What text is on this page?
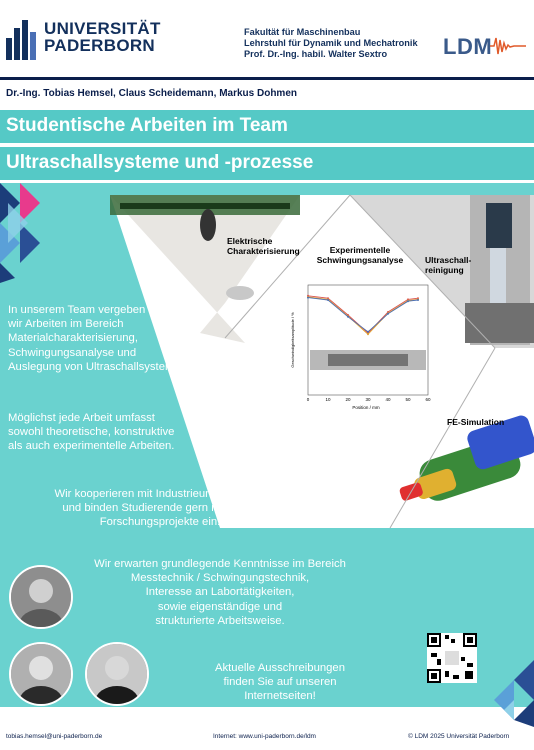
UNIVERSITÄT
PADERBORN
Fakultät für Maschinenbau
Lehrstuhl für Dynamik und Mechatronik
Prof. Dr.-Ing. habil. Walter Sextro	LDM
Dr.-Ing. Tobias Hemsel, Claus Scheidemann, Markus Dohmen
Studentische Arbeiten im Team
Ultraschallsysteme und -prozesse
Elektrische
Charakterisierung	Experimentelle
Schwingungsanalyse	Ultraschall-
reinigung
FE-Simulation
0	10	20	30	40	50	60
Position / mm
Geschwindigkeitsamplitude / %
In unserem Team vergeben
wir Arbeiten im Bereich
Materialcharakterisierung,
Schwingungsanalyse und
Auslegung von Ultraschallsystemen.
Möglichst jede Arbeit umfasst
sowohl theoretische, konstruktive
als auch experimentelle Arbeiten.
Wir kooperieren mit Industrieunternehmen
und binden Studierende gern in unsere
Forschungsprojekte ein.
Wir erwarten grundlegende Kenntnisse im Bereich
Messtechnik / Schwingungstechnik,
Interesse an Labortätigkeiten,
sowie eigenständige und
strukturierte Arbeitsweise.
Aktuelle Ausschreibungen
finden Sie auf unseren
Internetseiten!
tobias.hemsel@uni-paderborn.de	Internet: www.uni-paderborn.de/ldm	© LDM 2025 Universität Paderborn
